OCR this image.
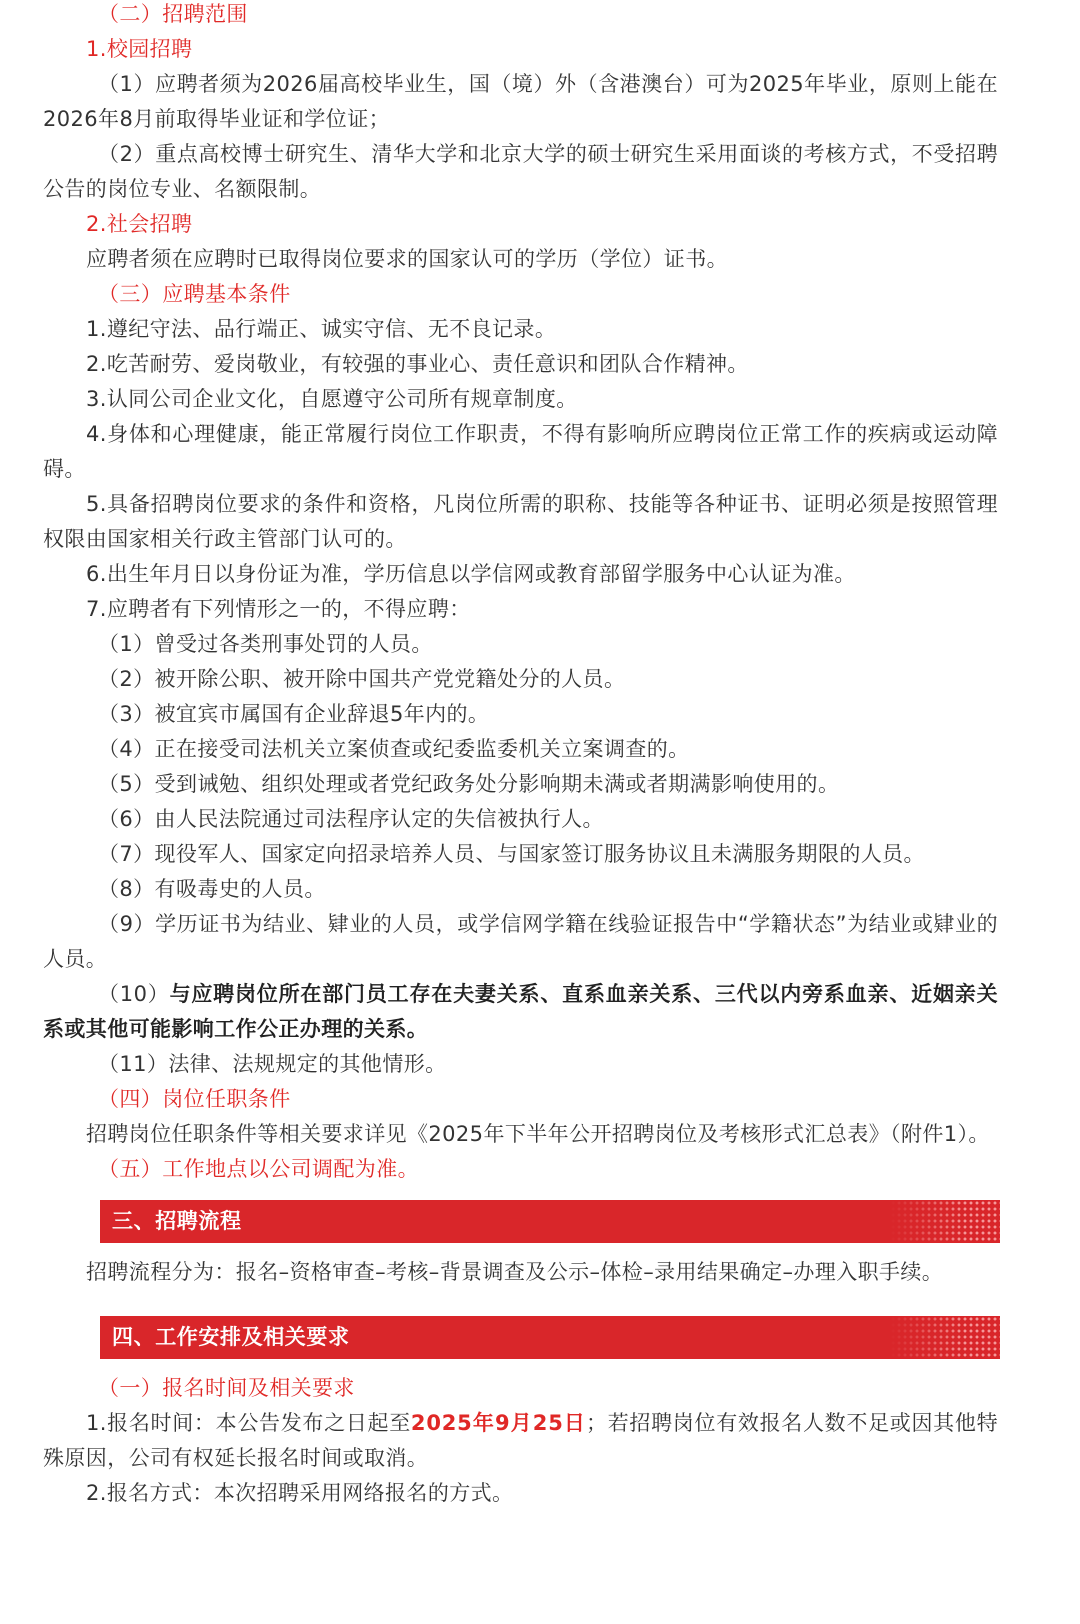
（二）招聘范围
1.校园招聘
（1）应聘者须为2026届高校毕业生，国（境）外（含港澳台）可为2025年毕业，原则上能在2026年8月前取得毕业证和学位证；
（2）重点高校博士研究生、清华大学和北京大学的硕士研究生采用面谈的考核方式，不受招聘公告的岗位专业、名额限制。
2.社会招聘
应聘者须在应聘时已取得岗位要求的国家认可的学历（学位）证书。
（三）应聘基本条件
1.遵纪守法、品行端正、诚实守信、无不良记录。
2.吃苦耐劳、爱岗敬业，有较强的事业心、责任意识和团队合作精神。
3.认同公司企业文化，自愿遵守公司所有规章制度。
4.身体和心理健康，能正常履行岗位工作职责，不得有影响所应聘岗位正常工作的疾病或运动障碍。
5.具备招聘岗位要求的条件和资格，凡岗位所需的职称、技能等各种证书、证明必须是按照管理权限由国家相关行政主管部门认可的。
6.出生年月日以身份证为准，学历信息以学信网或教育部留学服务中心认证为准。
7.应聘者有下列情形之一的，不得应聘：
（1）曾受过各类刑事处罚的人员。
（2）被开除公职、被开除中国共产党党籍处分的人员。
（3）被宜宾市属国有企业辞退5年内的。
（4）正在接受司法机关立案侦查或纪委监委机关立案调查的。
（5）受到诫勉、组织处理或者党纪政务处分影响期未满或者期满影响使用的。
（6）由人民法院通过司法程序认定的失信被执行人。
（7）现役军人、国家定向招录培养人员、与国家签订服务协议且未满服务期限的人员。
（8）有吸毒史的人员。
（9）学历证书为结业、肄业的人员，或学信网学籍在线验证报告中“学籍状态”为结业或肄业的人员。
（10）与应聘岗位所在部门员工存在夫妻关系、直系血亲关系、三代以内旁系血亲、近姻亲关系或其他可能影响工作公正办理的关系。
（11）法律、法规规定的其他情形。
（四）岗位任职条件
招聘岗位任职条件等相关要求详见《2025年下半年公开招聘岗位及考核形式汇总表》（附件1）。
（五）工作地点以公司调配为准。
三、招聘流程
招聘流程分为：报名–资格审查–考核–背景调查及公示–体检–录用结果确定–办理入职手续。
四、工作安排及相关要求
（一）报名时间及相关要求
1.报名时间：本公告发布之日起至2025年9月25日；若招聘岗位有效报名人数不足或因其他特殊原因，公司有权延长报名时间或取消。
2.报名方式：本次招聘采用网络报名的方式。
